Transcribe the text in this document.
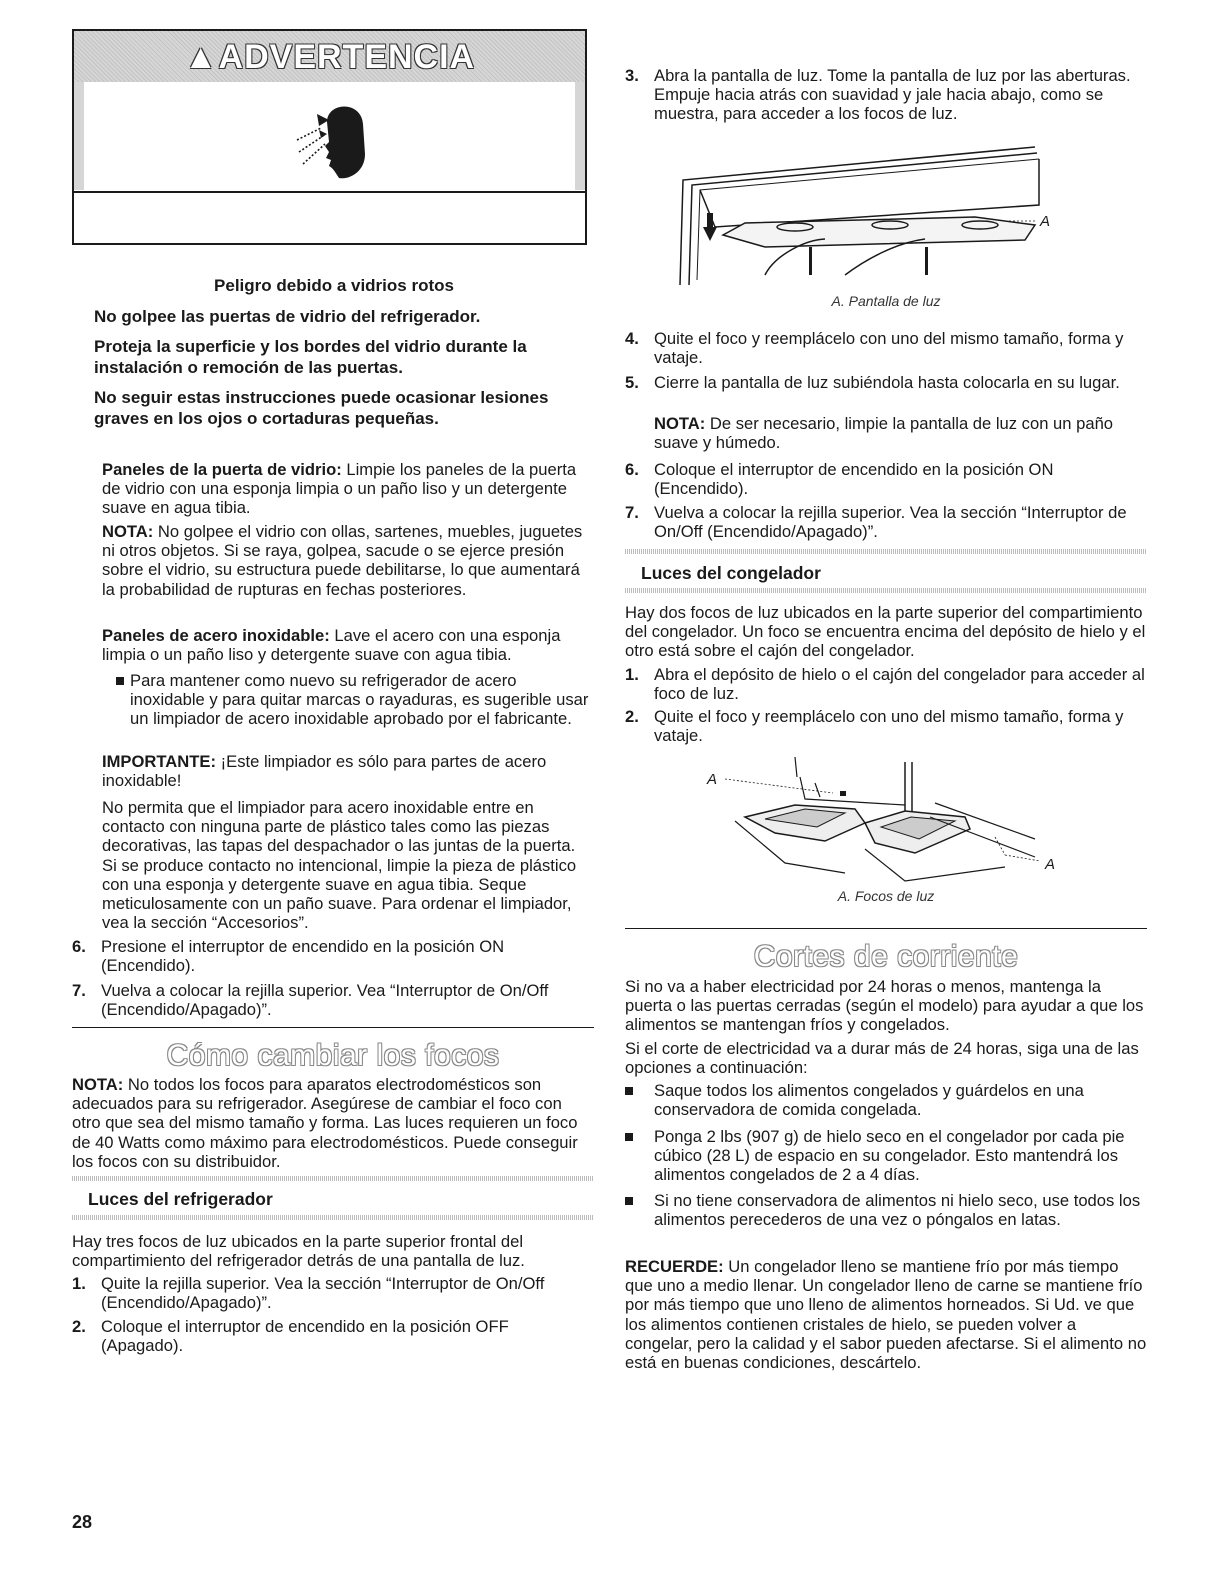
▲ADVERTENCIA
Peligro debido a vidrios rotos
No golpee las puertas de vidrio del refrigerador.
Proteja la superficie y los bordes del vidrio durante la instalación o remoción de las puertas.
No seguir estas instrucciones puede ocasionar lesiones graves en los ojos o cortaduras pequeñas.
Paneles de la puerta de vidrio: Limpie los paneles de la puerta de vidrio con una esponja limpia o un paño liso y un detergente suave en agua tibia.
NOTA: No golpee el vidrio con ollas, sartenes, muebles, juguetes ni otros objetos. Si se raya, golpea, sacude o se ejerce presión sobre el vidrio, su estructura puede debilitarse, lo que aumentará la probabilidad de rupturas en fechas posteriores.
Paneles de acero inoxidable: Lave el acero con una esponja limpia o un paño liso y detergente suave con agua tibia.
Para mantener como nuevo su refrigerador de acero inoxidable y para quitar marcas o rayaduras, es sugerible usar un limpiador de acero inoxidable aprobado por el fabricante.
IMPORTANTE: ¡Este limpiador es sólo para partes de acero inoxidable!
No permita que el limpiador para acero inoxidable entre en contacto con ninguna parte de plástico tales como las piezas decorativas, las tapas del despachador o las juntas de la puerta. Si se produce contacto no intencional, limpie la pieza de plástico con una esponja y detergente suave en agua tibia. Seque meticulosamente con un paño suave. Para ordenar el limpiador, vea la sección “Accesorios”.
6. Presione el interruptor de encendido en la posición ON (Encendido).
7. Vuelva a colocar la rejilla superior. Vea “Interruptor de On/Off (Encendido/Apagado)”.
Cómo cambiar los focos
NOTA: No todos los focos para aparatos electrodomésticos son adecuados para su refrigerador. Asegúrese de cambiar el foco con otro que sea del mismo tamaño y forma. Las luces requieren un foco de 40 Watts como máximo para electrodomésticos. Puede conseguir los focos con su distribuidor.
Luces del refrigerador
Hay tres focos de luz ubicados en la parte superior frontal del compartimiento del refrigerador detrás de una pantalla de luz.
1. Quite la rejilla superior. Vea la sección “Interruptor de On/Off (Encendido/Apagado)”.
2. Coloque el interruptor de encendido en la posición OFF (Apagado).
3. Abra la pantalla de luz. Tome la pantalla de luz por las aberturas. Empuje hacia atrás con suavidad y jale hacia abajo, como se muestra, para acceder a los focos de luz.
A
A. Pantalla de luz
4. Quite el foco y reemplácelo con uno del mismo tamaño, forma y vataje.
5. Cierre la pantalla de luz subiéndola hasta colocarla en su lugar.
NOTA: De ser necesario, limpie la pantalla de luz con un paño suave y húmedo.
6. Coloque el interruptor de encendido en la posición ON (Encendido).
7. Vuelva a colocar la rejilla superior. Vea la sección “Interruptor de On/Off (Encendido/Apagado)”.
Luces del congelador
Hay dos focos de luz ubicados en la parte superior del compartimiento del congelador. Un foco se encuentra encima del depósito de hielo y el otro está sobre el cajón del congelador.
1. Abra el depósito de hielo o el cajón del congelador para acceder al foco de luz.
2. Quite el foco y reemplácelo con uno del mismo tamaño, forma y vataje.
A
A
A. Focos de luz
Cortes de corriente
Si no va a haber electricidad por 24 horas o menos, mantenga la puerta o las puertas cerradas (según el modelo) para ayudar a que los alimentos se mantengan fríos y congelados.
Si el corte de electricidad va a durar más de 24 horas, siga una de las opciones a continuación:
Saque todos los alimentos congelados y guárdelos en una conservadora de comida congelada.
Ponga 2 lbs (907 g) de hielo seco en el congelador por cada pie cúbico (28 L) de espacio en su congelador. Esto mantendrá los alimentos congelados de 2 a 4 días.
Si no tiene conservadora de alimentos ni hielo seco, use todos los alimentos perecederos de una vez o póngalos en latas.
RECUERDE: Un congelador lleno se mantiene frío por más tiempo que uno a medio llenar. Un congelador lleno de carne se mantiene frío por más tiempo que uno lleno de alimentos horneados. Si Ud. ve que los alimentos contienen cristales de hielo, se pueden volver a congelar, pero la calidad y el sabor pueden afectarse. Si el alimento no está en buenas condiciones, descártelo.
28
